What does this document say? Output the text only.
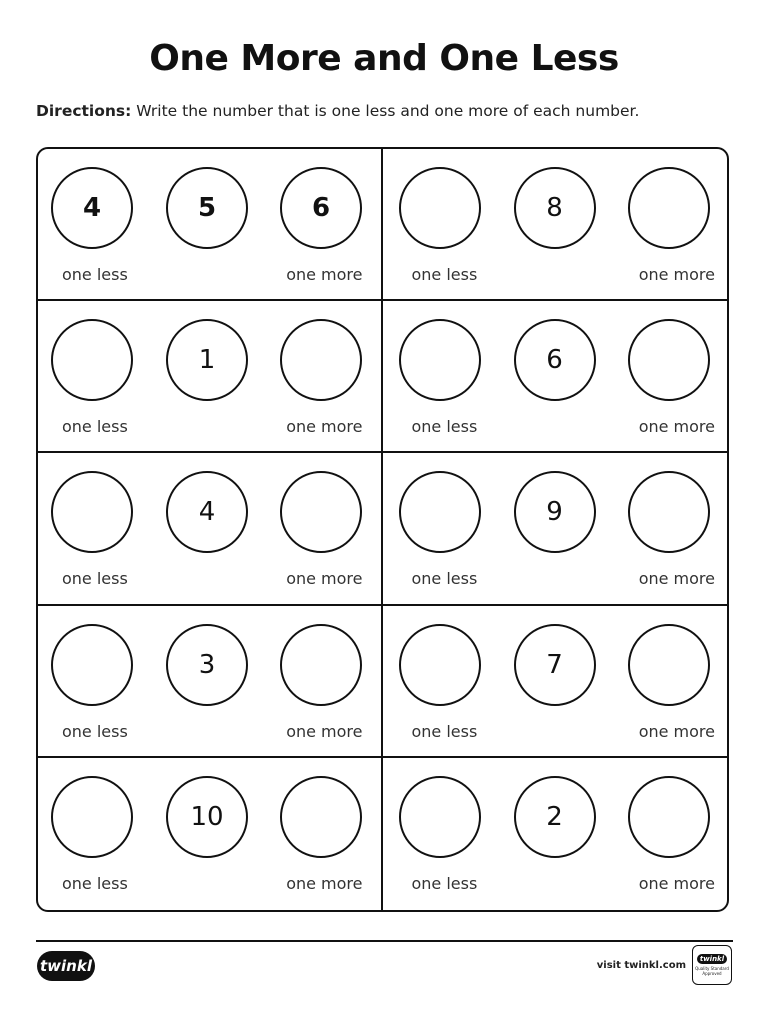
One More and One Less
Directions: Write the number that is one less and one more of each number.
4	5	6
one less	one more
8
one less	one more
1
one less	one more
6
one less	one more
4
one less	one more
9
one less	one more
3
one less	one more
7
one less	one more
10
one less	one more
2
one less	one more
twinkl	visit twinkl.com
twinkl
Quality Standard Approved
